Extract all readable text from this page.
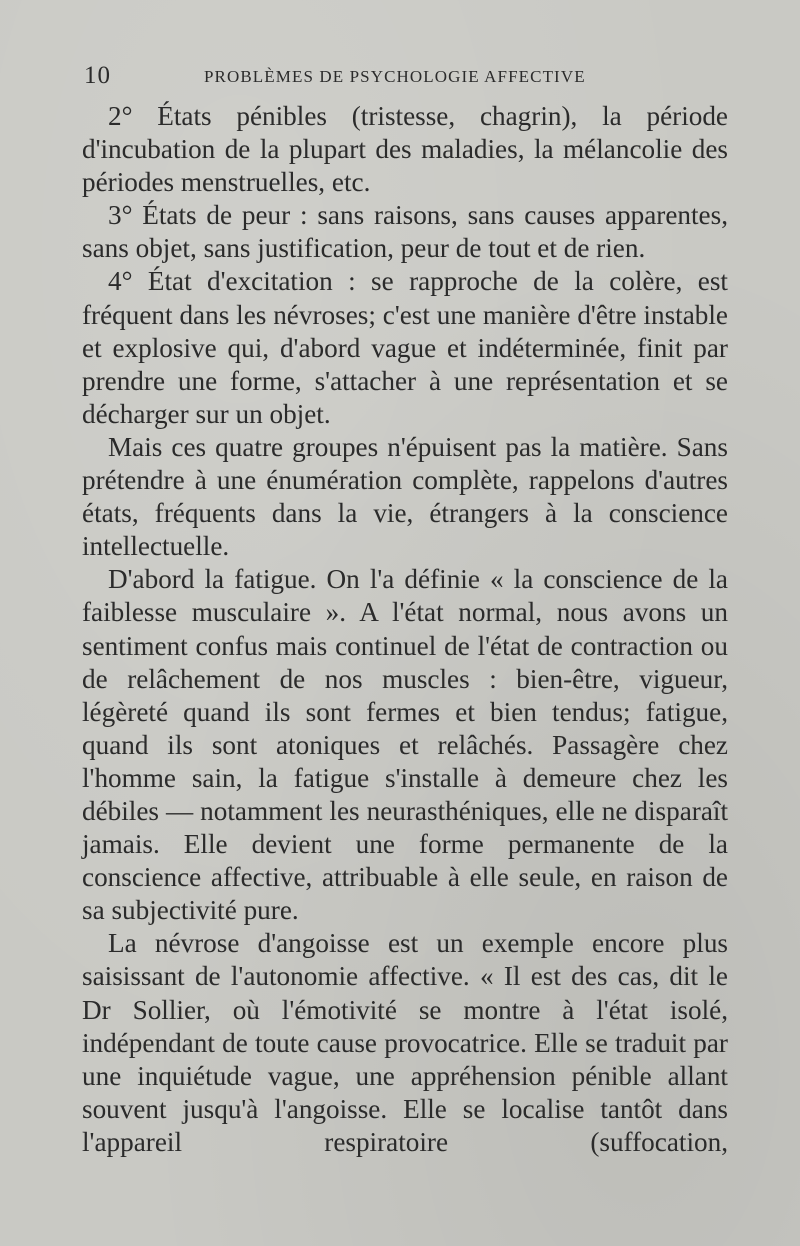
10	PROBLÈMES DE PSYCHOLOGIE AFFECTIVE

2° États pénibles (tristesse, chagrin), la période d'incubation de la plupart des maladies, la mélancolie des périodes menstruelles, etc.

3° États de peur : sans raisons, sans causes apparentes, sans objet, sans justification, peur de tout et de rien.

4° État d'excitation : se rapproche de la colère, est fréquent dans les névroses; c'est une manière d'être instable et explosive qui, d'abord vague et indéterminée, finit par prendre une forme, s'attacher à une représentation et se décharger sur un objet.

Mais ces quatre groupes n'épuisent pas la matière. Sans prétendre à une énumération complète, rappelons d'autres états, fréquents dans la vie, étrangers à la conscience intellectuelle.

D'abord la fatigue. On l'a définie « la conscience de la faiblesse musculaire ». A l'état normal, nous avons un sentiment confus mais continuel de l'état de contraction ou de relâchement de nos muscles : bien-être, vigueur, légèreté quand ils sont fermes et bien tendus; fatigue, quand ils sont atoniques et relâchés. Passagère chez l'homme sain, la fatigue s'installe à demeure chez les débiles — notamment les neurasthéniques, elle ne disparaît jamais. Elle devient une forme permanente de la conscience affective, attribuable à elle seule, en raison de sa subjectivité pure.

La névrose d'angoisse est un exemple encore plus saisissant de l'autonomie affective. « Il est des cas, dit le Dr Sollier, où l'émotivité se montre à l'état isolé, indépendant de toute cause provocatrice. Elle se traduit par une inquiétude vague, une appréhension pénible allant souvent jusqu'à l'angoisse. Elle se localise tantôt dans l'appareil respiratoire (suffocation,
